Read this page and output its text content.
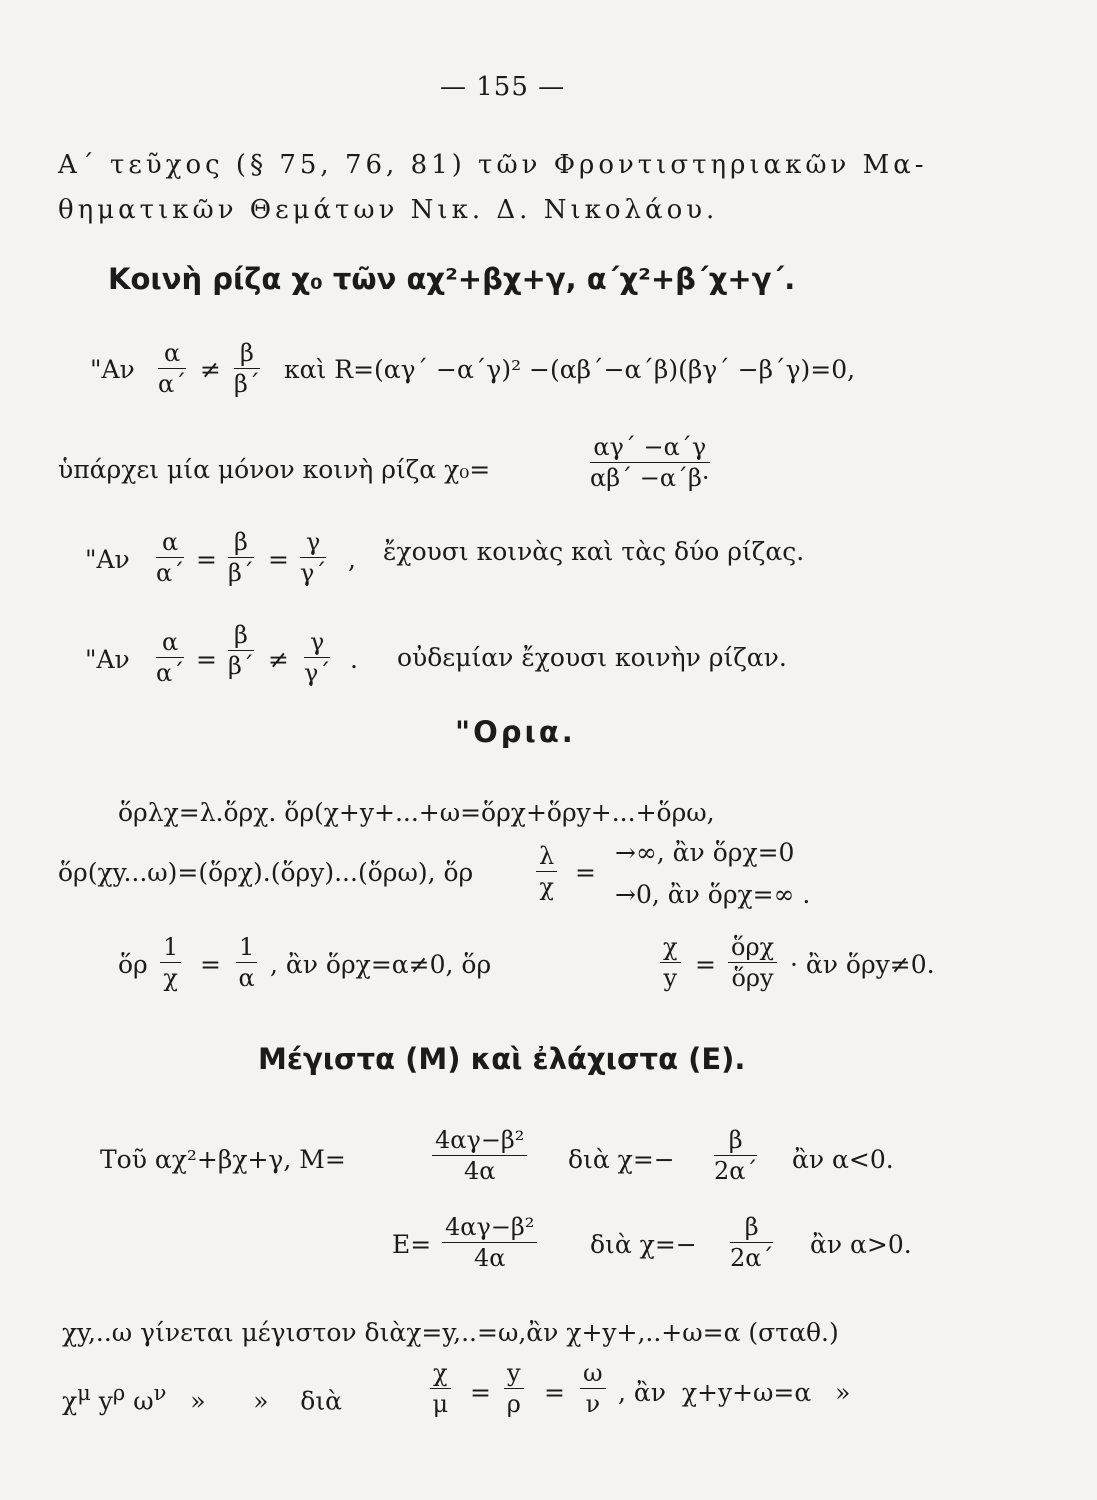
— 155 —
Α΄ τεῦχος (§ 75, 76, 81) τῶν Φροντιστηριακῶν Μα-
θηματικῶν Θεμάτων Νικ. Δ. Νικολάου.
Κοινὴ ρίζα χ₀ τῶν αχ²+βχ+γ, α΄χ²+β΄χ+γ΄.
"$A\nu \frac{\alpha}{\alpha΄} \ne \frac{\beta}{\beta΄}$ καὶ R=(αγ΄ −α΄γ)² −(αβ΄−α΄β)(βγ΄ −β΄γ)=0,
ὑπάρχει μία μόνον κοινὴ ρίζα χ₀=	$\frac{\alpha\gamma΄ -\alpha΄\gamma}{\alpha\beta΄ -\alpha΄\beta\cdot}$
"$A\nu \frac{\alpha}{\alpha΄} = \frac{\beta}{\beta΄} = \frac{\gamma}{\gamma΄}$ , ἔχουσι κοινὰς καὶ τὰς δύο ρίζας.
"$A\nu \frac{\alpha}{\alpha΄} = \frac{\beta}{\beta΄} \ne \frac{\gamma}{\gamma΄}$ . οὐδεμίαν ἔχουσι κοινὴν ρίζαν.
"Ορια.
ὅρλχ=λ.ὅρχ. ὅρ(χ+y+...+ω=ὅρχ+ὅρy+...+ὅρω,
ὅρ(χy...ω)=(ὅρχ).(ὅρy)...(ὅρω), ὅρ	$\frac{\lambda}{\chi}$ =
→∞, ἂν ὅρχ=0
→0, ἂν ὅρχ=∞ .
ὅρ $\frac{1}{\chi} = \frac{1}{\alpha}$ , ἂν ὅρχ=α≠0, ὅρ	$\frac{\chi}{y}$ =
ὅρχ
ὅρy · ἂν ὅρy≠0.
Μέγιστα (Μ) καὶ ἐλάχιστα (Ε).
Τοῦ αχ²+βχ+γ, Μ=	$\frac{\text{4αγ−β²}}{4\alpha}$ διὰ $\chi=- \frac{\beta}{2\alpha΄}$ ἂν α<0.
$E= \frac{\text{4αγ−β²}}{4\alpha}$ διὰ $\chi=- \frac{\beta}{2\alpha΄}$ ἂν α>0.
χy,..ω γίνεται μέγιστον διὰχ=y,..=ω,ἂν χ+y+,..+ω=α (σταθ.)
$\chi^\mu$ $y^\rho$ $\omega^\nu$   »      »    διὰ	$\frac{\chi}{\mu} = \frac{y}{\rho} = \frac{\omega}{\nu}$ , ἂν  χ+y+ω=α   »
